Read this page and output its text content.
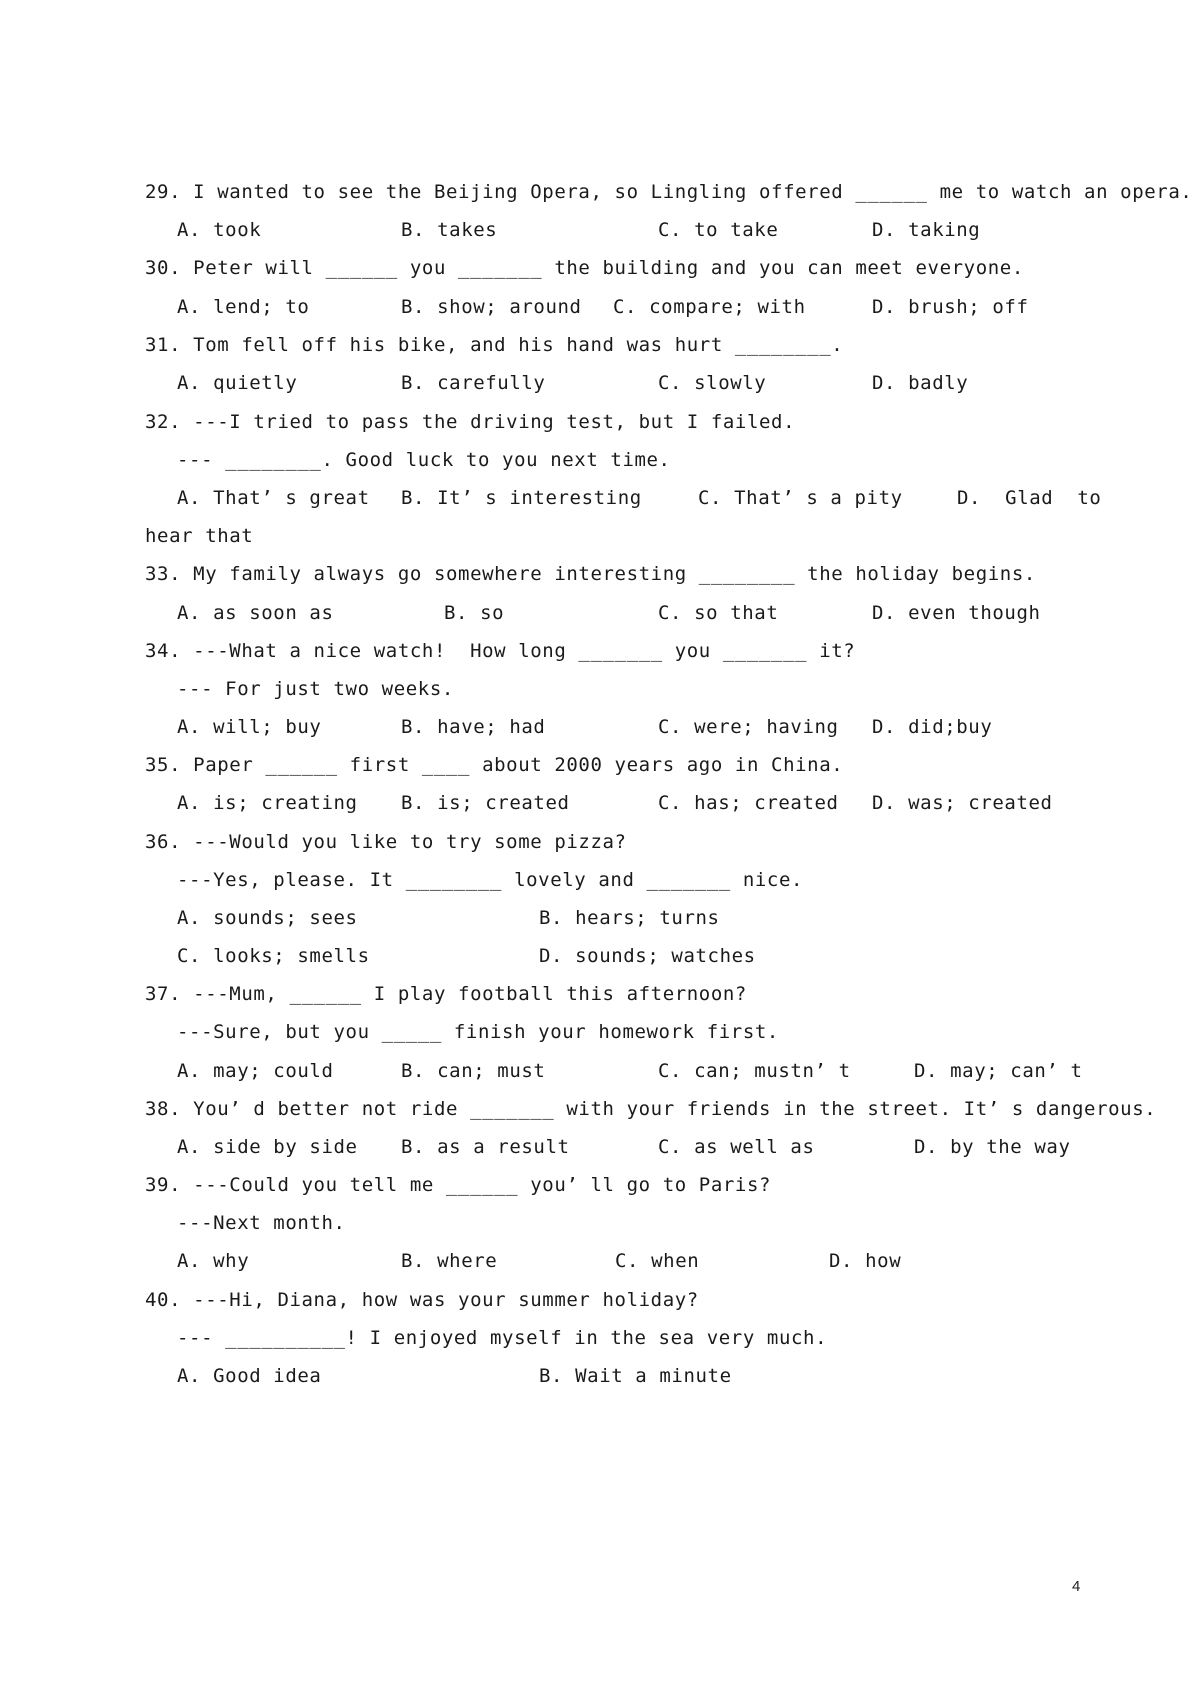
29. I wanted to see the Beijing Opera, so Lingling offered ______ me to watch an opera.

A. took

	B. takes

	C. to take

	D. taking

30. Peter will ______ you _______ the building and you can meet everyone.

A. lend; to

	B. show; around

C. compare; with

	D. brush; off

31. Tom fell off his bike, and his hand was hurt ________.

A. quietly

	B. carefully

	C. slowly

	D. badly

32. ---I tried to pass the driving test, but I failed.
--- ________. Good luck to you next time.

A. That’ s great

B. It’ s interesting

	C. That’ s a pity

	D.  Glad  to

hear that
33. My family always go somewhere interesting ________ the holiday begins.

A. as soon as

	B. so

	C. so that

	D. even though

34. ---What a nice watch!  How long _______ you _______ it?
--- For just two weeks.

A. will; buy

	B. have; had

	C. were; having

D. did;buy

35. Paper ______ first ____ about 2000 years ago in China.

A. is; creating

B. is; created

	C. has; created

D. was; created

36. ---Would you like to try some pizza?
---Yes, please. It ________ lovely and _______ nice.

A. sounds; sees

	B. hears; turns

C. looks; smells

	D. sounds; watches

37. ---Mum, ______ I play football this afternoon?
---Sure, but you _____ finish your homework first.

A. may; could

	B. can; must

	C. can; mustn’ t

	D. may; can’ t

38. You’ d better not ride _______ with your friends in the street. It’ s dangerous.

A. side by side

B. as a result

	C. as well as

	D. by the way

39. ---Could you tell me ______ you’ ll go to Paris?
---Next month.

A. why

	B. where

	C. when

	D. how

40. ---Hi, Diana, how was your summer holiday?
--- __________! I enjoyed myself in the sea very much.

A. Good idea

	B. Wait a minute

4
